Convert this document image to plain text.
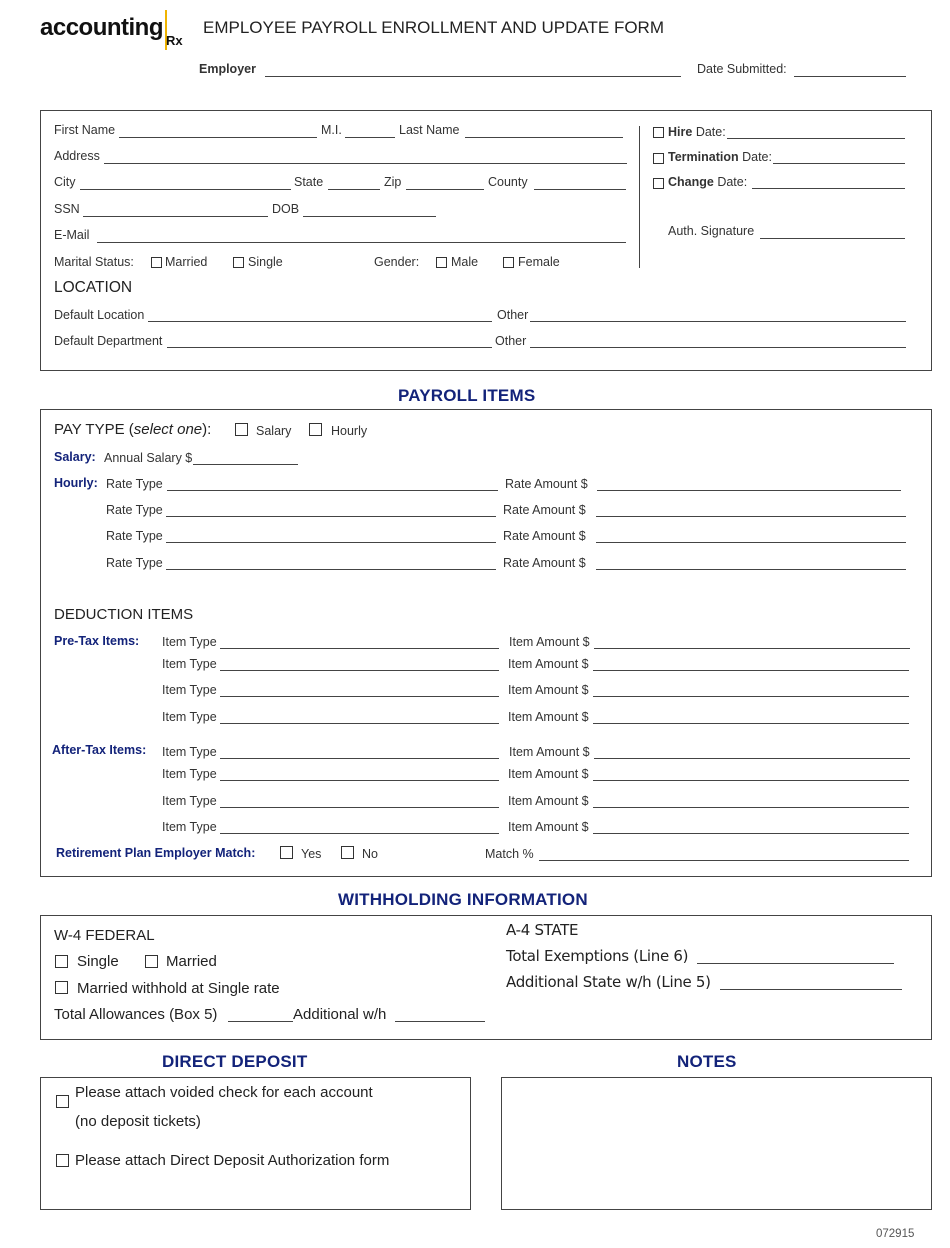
accounting Rx
EMPLOYEE PAYROLL ENROLLMENT AND UPDATE FORM
Employer	Date Submitted:
First Name	M.I.	Last Name
Address
City	State	Zip	County
SSN	DOB
E-Mail
Marital Status: Married	Single	Gender:	Male	Female
Hire Date:
Termination Date:
Change Date:
Auth. Signature
LOCATION
Default Location	Other
Default Department	Other
PAYROLL ITEMS
PAY TYPE (select one):	Salary	Hourly
Salary: Annual Salary $
Hourly: Rate Type	Rate Amount $
Rate Type	Rate Amount $
Rate Type	Rate Amount $
Rate Type	Rate Amount $
DEDUCTION ITEMS
Pre-Tax Items: Item Type	Item Amount $
Item Type	Item Amount $
Item Type	Item Amount $
Item Type	Item Amount $
After-Tax Items: Item Type	Item Amount $
Item Type	Item Amount $
Item Type	Item Amount $
Item Type	Item Amount $
Retirement Plan Employer Match:	Yes	No	Match %
WITHHOLDING INFORMATION
W-4 FEDERAL
Single	Married
Married withhold at Single rate
Total Allowances (Box 5)	Additional w/h
A-4 STATE
Total Exemptions (Line 6)
Additional State w/h (Line 5)
DIRECT DEPOSIT
Please attach voided check for each account
(no deposit tickets)
Please attach Direct Deposit Authorization form
NOTES
072915
